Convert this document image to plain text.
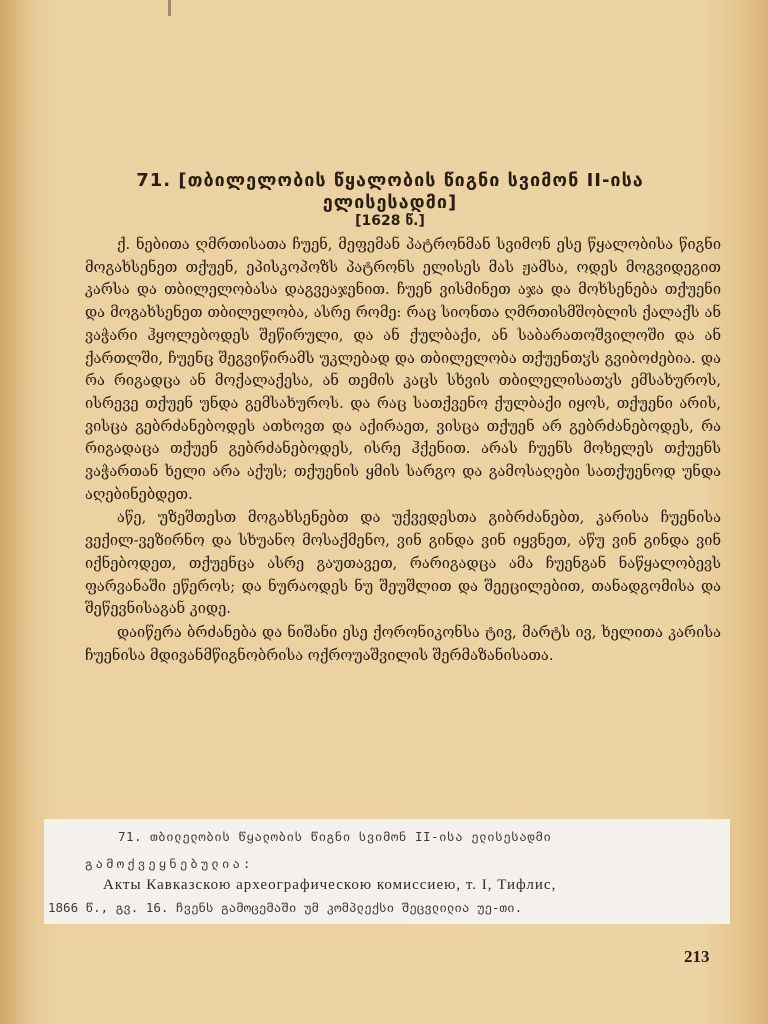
71. [თბილელობის წყალობის წიგნი სვიმონ II-ისა
ელისესადმი]
[1628 წ.]

ქ. ნებითა ღმრთისათა ჩუენ, მეფემან პატრონმან სვიმონ ესე წყალობისა წიგნი მოგახსენეთ თქუენ, ეპისკოპოზს პატრონს ელისეს მას ჟამსა, ოდეს მოგვიდეგით კარსა და თბილელობასა დაგვეაჯენით. ჩუენ ვისმინეთ აჯა და მოხსენება თქუენი და მოგახსენეთ თბილელობა, ასრე რომე: რაც სიონთა ღმრთისმშობლის ქალაქს ან ვაჭარი ჰყოლებოდეს შეწირული, და ან ქულბაქი, ან საბარათოშვილოში და ან ქართლში, ჩუენც შეგვიწირამს უკლებად და თბილელობა თქუენთჳს გვიბოძებია. და რა რიგადცა ან მოქალაქესა, ან თემის კაცს სხვის თბილელისათჳს ემსახუროს, ისრევე თქუენ უნდა გემსახუროს. და რაც სათქვენო ქულბაქი იყოს, თქუენი არის, ვისცა გებრძანებოდეს ათხოვთ და აქირაეთ, ვისცა თქუენ არ გებრძანებოდეს, რა რიგადაცა თქუენ გებრძანებოდეს, ისრე ჰქენით. არას ჩუენს მოხელეს თქუენს ვაჭართან ხელი არა აქუს; თქუენის ყმის სარგო და გამოსაღები სათქუენოდ უნდა აღებინებდეთ.

აწე, უზეშთესთ მოგახსენებთ და უქვედესთა გიბრძანებთ, კარისა ჩუენისა ვექილ-ვეზირნო და სხუანო მოსაქმენო, ვინ გინდა ვინ იყვნეთ, აწუ ვინ გინდა ვინ იქნებოდეთ, თქუენცა ასრე გაუთავეთ, რარიგადცა ამა ჩუენგან ნაწყალობევს ფარვანაში ეწეროს; და ნურაოდეს ნუ შეუშლით და შეეცილებით, თანადგომისა და შეწევნისაგან კიდე.

დაიწერა ბრძანება და ნიშანი ესე ქორონიკონსა ტივ, მარტს ივ, ხელითა კარისა ჩუენისა მდივანმწიგნობრისა ოქროუაშვილის შერმაზანისათა.

71. თბილელობის წყალობის წიგნი სვიმონ II-ისა ელისესადმი
გამოქვეყნებულია:
Акты Кавказскою археографическою комиссиею, т. I, Тифлис,
1866 წ., გვ. 16. ჩვენს გამოცემაში უმ კომპლექსი შეცვლილია უე-თი.
213
